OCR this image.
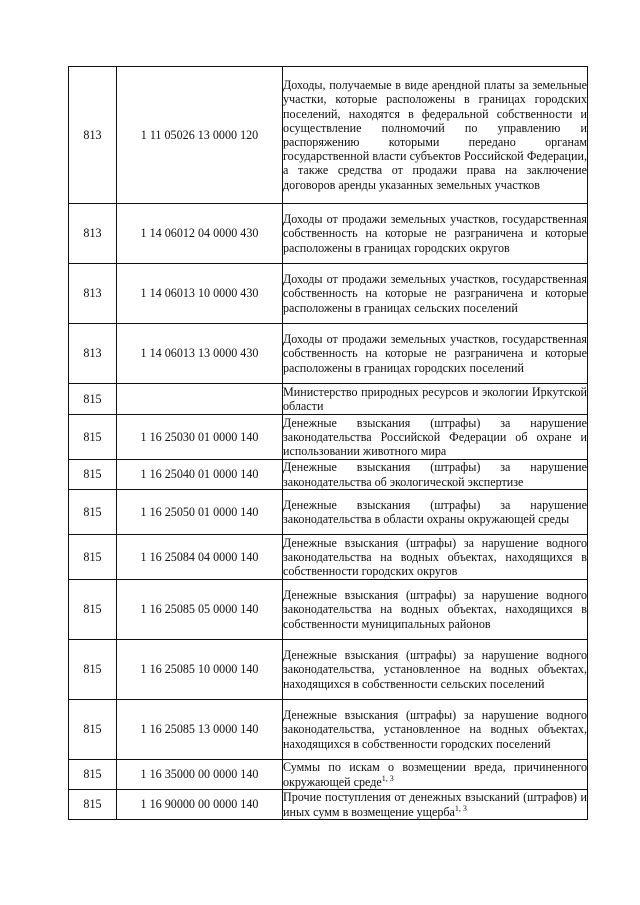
813	1 11 05026 13 0000 120	Доходы, получаемые в виде арендной платы за земельные участки, которые расположены в границах городских поселений, находятся в федеральной собственности и осуществление полномочий по управлению и распоряжению которыми передано органам государственной власти субъектов Российской Федерации, а также средства от продажи права на заключение договоров аренды указанных земельных участков

813	1 14 06012 04 0000 430	Доходы от продажи земельных участков, государственная собственность на которые не разграничена и которые расположены в границах городских округов

813	1 14 06013 10 0000 430	Доходы от продажи земельных участков, государственная собственность на которые не разграничена и которые расположены в границах сельских поселений

813	1 14 06013 13 0000 430	Доходы от продажи земельных участков, государственная собственность на которые не разграничена и которые расположены в границах городских поселений

815		Министерство природных ресурсов и экологии Иркутской области

815	1 16 25030 01 0000 140	Денежные взыскания (штрафы) за нарушение законодательства Российской Федерации об охране и использовании животного мира

815	1 16 25040 01 0000 140	Денежные взыскания (штрафы) за нарушение законодательства об экологической экспертизе

815	1 16 25050 01 0000 140	Денежные взыскания (штрафы) за нарушение законодательства в области охраны окружающей среды

815	1 16 25084 04 0000 140	Денежные взыскания (штрафы) за нарушение водного законодательства на водных объектах, находящихся в собственности городских округов

815	1 16 25085 05 0000 140	Денежные взыскания (штрафы) за нарушение водного законодательства на водных объектах, находящихся в собственности муниципальных районов

815	1 16 25085 10 0000 140	Денежные взыскания (штрафы) за нарушение водного законодательства, установленное на водных объектах, находящихся в собственности сельских поселений

815	1 16 25085 13 0000 140	Денежные взыскания (штрафы) за нарушение водного законодательства, установленное на водных объектах, находящихся в собственности городских поселений

815	1 16 35000 00 0000 140	Суммы по искам о возмещении вреда, причиненного окружающей среде$^{1, 3}$

815	1 16 90000 00 0000 140	Прочие поступления от денежных взысканий (штрафов) и иных сумм в возмещение ущерба$^{1, 3}$
